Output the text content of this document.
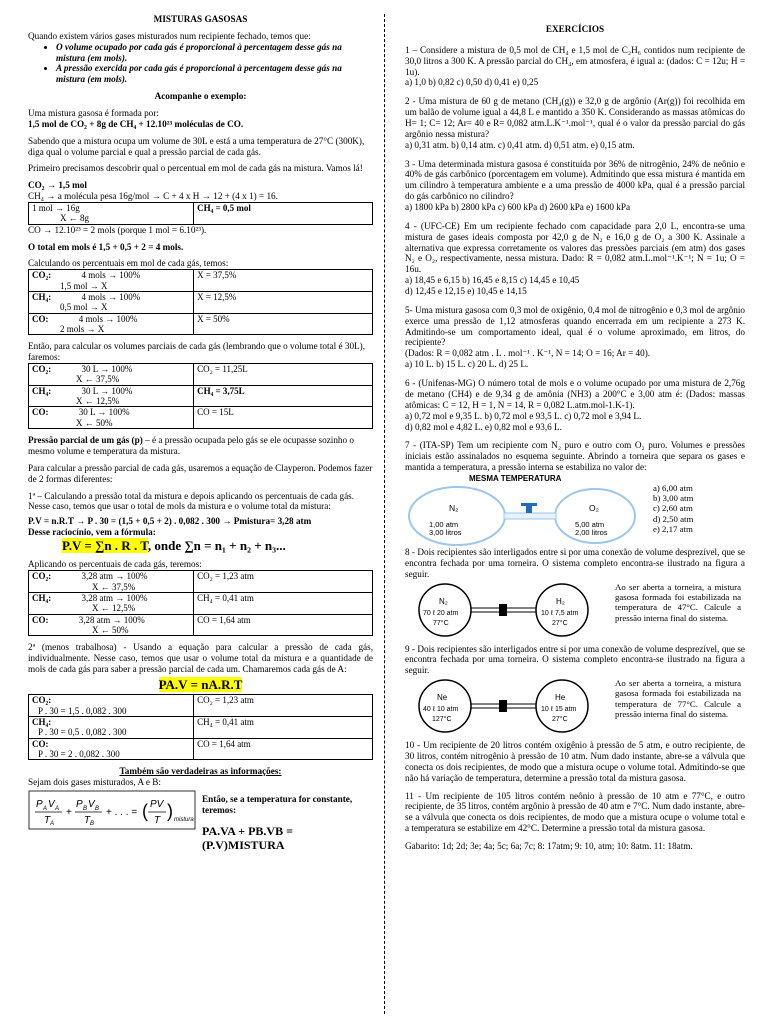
MISTURAS GASOSAS

Quando existem vários gases misturados num recipiente fechado, temos que:

• O volume ocupado por cada gás é proporcional à percentagem desse gás na mistura (em mols).
• A pressão exercida por cada gás é proporcional à percentagem desse gás na mistura (em mols).

Acompanhe o exemplo:

Uma mistura gasosa é formada por:

1,5 mol de CO₂ + 8g de CH₄ + 12.10²³ moléculas de CO.

Sabendo que a mistura ocupa um volume de 30L e está a uma temperatura de 27°C (300K), diga qual o volume parcial e qual a pressão parcial de cada gás.

Primeiro precisamos descobrir qual o percentual em mol de cada gás na mistura. Vamos lá!

CO₂ → 1,5 mol

CH₄ → a molécula pesa 16g/mol → C + 4 x H → 12 + (4 x 1) = 16.

1 mol → 16g
X ← 8g	CH₄ = 0,5 mol

CO → 12.10²³ = 2 mols (porque 1 mol = 6.10²³).

O total em mols é 1,5 + 0,5 + 2 = 4 mols.

Calculando os percentuais em mol de cada gás, temos:

CO₂: 4 mols → 100%
1,5 mol → X	X = 37,5%
CH₄: 4 mols → 100%
0,5 mol → X	X = 12,5%
CO: 4 mols → 100%
2 mols → X	X = 50%

Então, para calcular os volumes parciais de cada gás (lembrando que o volume total é 30L), faremos:

CO₂: 30 L → 100%
X ← 37,5%	CO₂ = 11,25L
CH₄: 30 L → 100%
X ← 12,5%	CH₄ = 3,75L
CO: 30 L → 100%
X ← 50%	CO = 15L

Pressão parcial de um gás (p) – é a pressão ocupada pelo gás se ele ocupasse sozinho o mesmo volume e temperatura da mistura.

Para calcular a pressão parcial de cada gás, usaremos a equação de Clayperon. Podemos fazer de 2 formas diferentes:

1ª – Calculando a pressão total da mistura e depois aplicando os percentuais de cada gás. Nesse caso, temos que usar o total de mols da mistura e o volume total da mistura:

P.V = n.R.T → P . 30 = (1,5 + 0,5 + 2) . 0,082 . 300 → Pmistura= 3,28 atm

Desse raciocínio, vem a fórmula:

P.V = ∑n . R . T, onde ∑n = n₁ + n₂ + n₃...

Aplicando os percentuais de cada gás, teremos:

CO₂: 3,28 atm → 100%
X ← 37,5%	CO₂ = 1,23 atm
CH₄: 3,28 atm → 100%
X ← 12,5%	CH₄ = 0,41 atm
CO: 3,28 atm → 100%
X ← 50%	CO = 1,64 atm

2ª (menos trabalhosa) - Usando a equação para calcular a pressão de cada gás, individualmente. Nesse caso, temos que usar o volume total da mistura e a quantidade de mols de cada gás para saber a pressão parcial de cada um. Chamaremos cada gás de A:

PA.V = nA.R.T

CO₂:
P . 30 = 1,5 . 0,082 . 300	CO₂ = 1,23 atm
CH₄:
P . 30 = 0,5 . 0,082 . 300	CH₄ = 0,41 atm
CO:
P . 30 = 2 . 0,082 . 300	CO = 1,64 atm

Também são verdadeiras as informações:

Sejam dois gases misturados, A e B:

P A V A
T A
+
P B V B
T B
+ . . . = ( PV
T ) mistura

Então, se a temperatura for constante, teremos:

PA.VA + PB.VB = (P.V)MISTURA

EXERCÍCIOS

1 – Considere a mistura de 0,5 mol de CH₄ e 1,5 mol de C₂H₆ contidos num recipiente de 30,0 litros a 300 K. A pressão parcial do CH₄, em atmosfera, é igual a: (dados: C = 12u; H = 1u).

a) 1,0 b) 0,82 c) 0,50 d) 0,41 e) 0,25

2 - Uma mistura de 60 g de metano (CH₄(g)) e 32,0 g de argônio (Ar(g)) foi recolhida em um balão de volume igual a 44,8 L e mantido a 350 K. Considerando as massas atômicas do H= 1; C= 12; Ar= 40 e R= 0,082 atm.L.K⁻¹.mol⁻¹, qual é o valor da pressão parcial do gás argônio nessa mistura?

a) 0,31 atm. b) 0,14 atm. c) 0,41 atm. d) 0,51 atm. e) 0,15 atm.

3 - Uma determinada mistura gasosa é constituída por 36% de nitrogênio, 24% de neônio e 40% de gás carbônico (porcentagem em volume). Admitindo que essa mistura é mantida em um cilindro à temperatura ambiente e a uma pressão de 4000 kPa, qual é a pressão parcial do gás carbônico no cilindro?

a) 1800 kPa b) 2800 kPa c) 600 kPa d) 2600 kPa e) 1600 kPa

4 - (UFC-CE) Em um recipiente fechado com capacidade para 2,0 L, encontra-se uma mistura de gases ideais composta por 42,0 g de N₂ e 16,0 g de O₂ a 300 K. Assinale a alternativa que expressa corretamente os valores das pressões parciais (em atm) dos gases N₂ e O₂, respectivamente, nessa mistura. Dado: R = 0,082 atm.L.mol⁻¹.K⁻¹; N = 1u; O = 16u.

a) 18,45 e 6,15 b) 16,45 e 8,15 c) 14,45 e 10,45

d) 12,45 e 12,15 e) 10,45 e 14,15

5- Uma mistura gasosa com 0,3 mol de oxigênio, 0,4 mol de nitrogênio e 0,3 mol de argônio exerce uma pressão de 1,12 atmosferas quando encerrada em um recipiente a 273 K. Admitindo-se um comportamento ideal, qual é o volume aproximado, em litros, do recipiente?

(Dados: R = 0,082 atm . L . mol⁻¹ . K⁻¹, N = 14; O = 16; Ar = 40).

a) 10 L. b) 15 L. c) 20 L. d) 25 L.

6 - (Unifenas-MG) O número total de mols e o volume ocupado por uma mistura de 2,76g de metano (CH4) e de 9,34 g de amônia (NH3) a 200°C e 3,00 atm é: (Dados: massas atômicas: C = 12, H = 1, N = 14, R = 0,082 L.atm.mol-1.K-1).

a) 0,72 mol e 9,35 L. b) 0,72 mol e 93,5 L. c) 0,72 mol e 3,94 L.

d) 0,82 mol e 4,82 L. e) 0,82 mol e 93,6 L.

7 - (ITA-SP) Tem um recipiente com N₂ puro e outro com O₂ puro. Volumes e pressões iniciais estão assinalados no esquema seguinte. Abrindo a torneira que separa os gases e mantida a temperatura, a pressão interna se estabiliza no valor de:

MESMA TEMPERATURA
N₂
1,00 atm
3,00 litros
O₂
5,00 atm
2,00 litros
a) 6,00 atm
b) 3,00 atm
c) 2,60 atm
d) 2,50 atm
e) 2,17 atm

8 - Dois recipientes são interligados entre si por uma conexão de volume desprezível, que se encontra fechada por uma torneira. O sistema completo encontra-se ilustrado na figura a seguir.

N₂
70 ℓ 20 atm
77°C
H₂
10 ℓ 7,5 atm
27°C

Ao ser aberta a torneira, a mistura gasosa formada foi estabilizada na temperatura de 47°C. Calcule a pressão interna final do sistema.

9 - Dois recipientes são interligados entre si por uma conexão de volume desprezível, que se encontra fechada por uma torneira. O sistema completo encontra-se ilustrado na figura a seguir.

Ne
40 ℓ 10 atm
127°C
He
10 ℓ 15 atm
27°C

Ao ser aberta a torneira, a mistura gasosa formada foi estabilizada na temperatura de 77°C. Calcule a pressão interna final do sistema.

10 - Um recipiente de 20 litros contém oxigênio à pressão de 5 atm, e outro recipiente, de 30 litros, contém nitrogênio à pressão de 10 atm. Num dado instante, abre-se a válvula que conecta os dois recipientes, de modo que a mistura ocupe o volume total. Admitindo-se que não há variação de temperatura, determine a pressão total da mistura gasosa.

11 - Um recipiente de 105 litros contém neônio à pressão de 10 atm e 77°C, e outro recipiente, de 35 litros, contém argônio à pressão de 40 atm e 7°C. Num dado instante, abre-se a válvula que conecta os dois recipientes, de modo que a mistura ocupe o volume total e a temperatura se estabilize em 42°C. Determine a pressão total da mistura gasosa.

Gabarito: 1d; 2d; 3e; 4a; 5c; 6a; 7c; 8: 17atm; 9: 10, atm; 10: 8atm. 11: 18atm.
